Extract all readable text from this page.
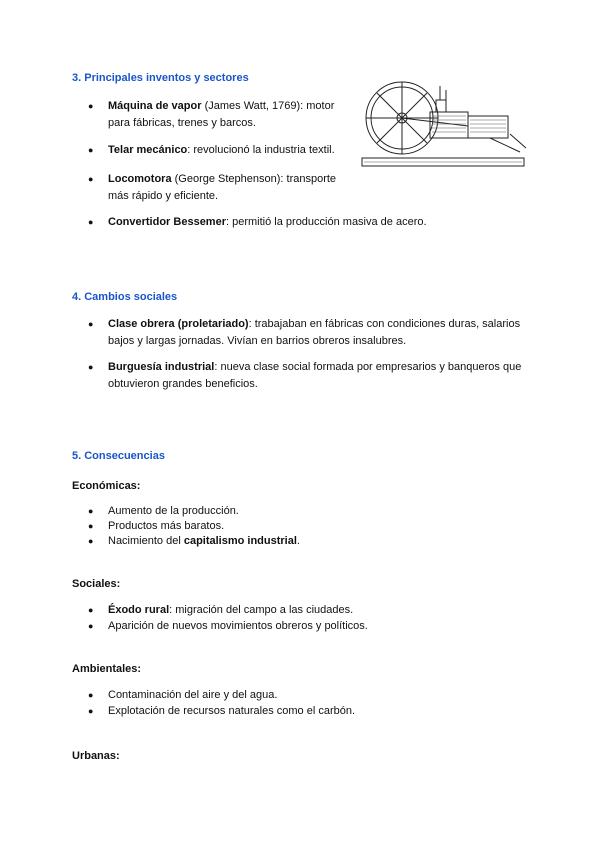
3. Principales inventos y sectores
● Máquina de vapor (James Watt, 1769): motor
para fábricas, trenes y barcos.
● Telar mecánico: revolucionó la industria textil.
● Locomotora (George Stephenson): transporte
más rápido y eficiente.
● Convertidor Bessemer: permitió la producción masiva de acero.
4. Cambios sociales
● Clase obrera (proletariado): trabajaban en fábricas con condiciones duras, salarios
bajos y largas jornadas. Vivían en barrios obreros insalubres.
● Burguesía industrial: nueva clase social formada por empresarios y banqueros que
obtuvieron grandes beneficios.
5. Consecuencias
Económicas:
● Aumento de la producción.
● Productos más baratos.
● Nacimiento del capitalismo industrial.
Sociales:
● Éxodo rural: migración del campo a las ciudades.
● Aparición de nuevos movimientos obreros y políticos.
Ambientales:
● Contaminación del aire y del agua.
● Explotación de recursos naturales como el carbón.
Urbanas:
